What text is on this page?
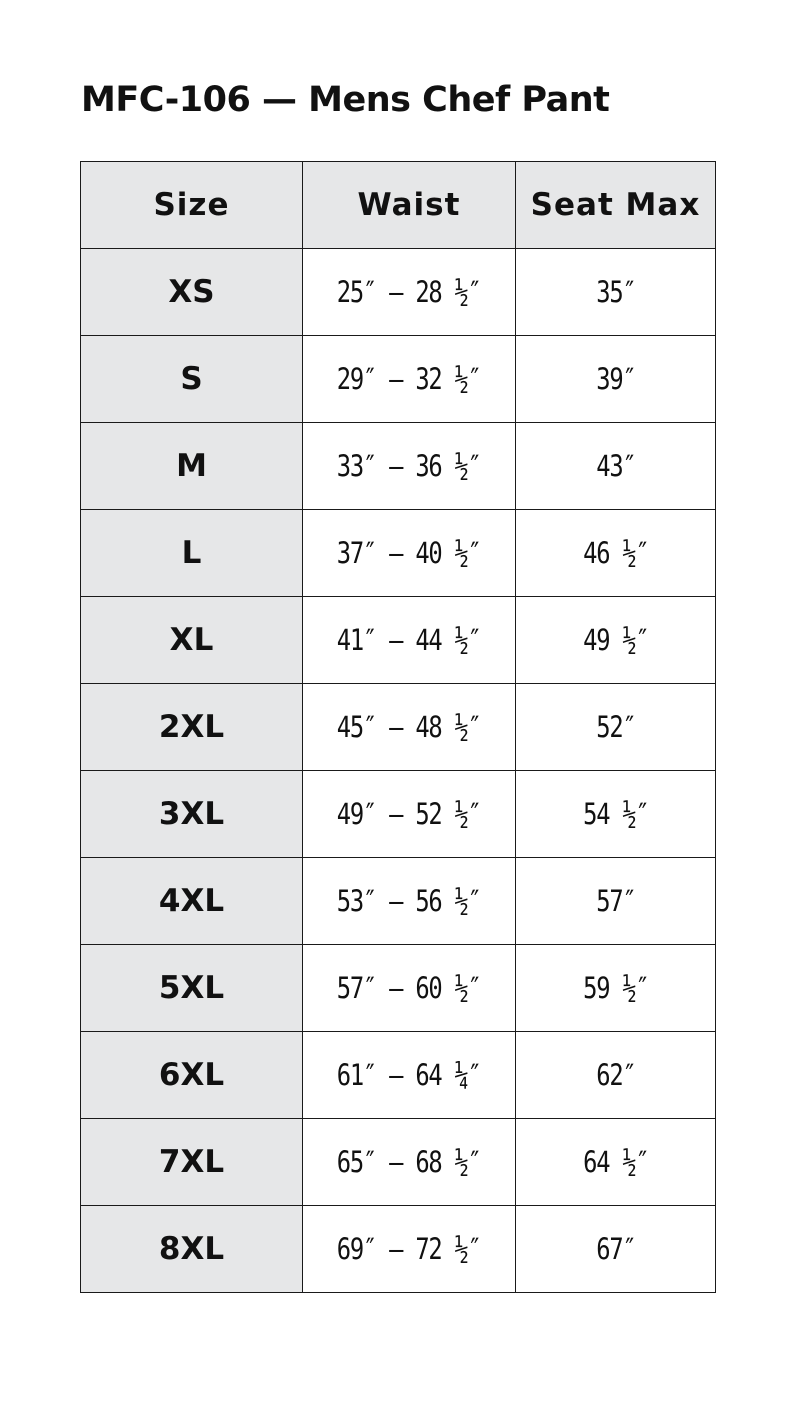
MFC-106 — Mens Chef Pant
Size	Waist	Seat Max
XS	25″ – 28 ½″	35″
S	29″ – 32 ½″	39″
M	33″ – 36 ½″	43″
L	37″ – 40 ½″	46 ½″
XL	41″ – 44 ½″	49 ½″
2XL	45″ – 48 ½″	52″
3XL	49″ – 52 ½″	54 ½″
4XL	53″ – 56 ½″	57″
5XL	57″ – 60 ½″	59 ½″
6XL	61″ – 64 ¼″	62″
7XL	65″ – 68 ½″	64 ½″
8XL	69″ – 72 ½″	67″
